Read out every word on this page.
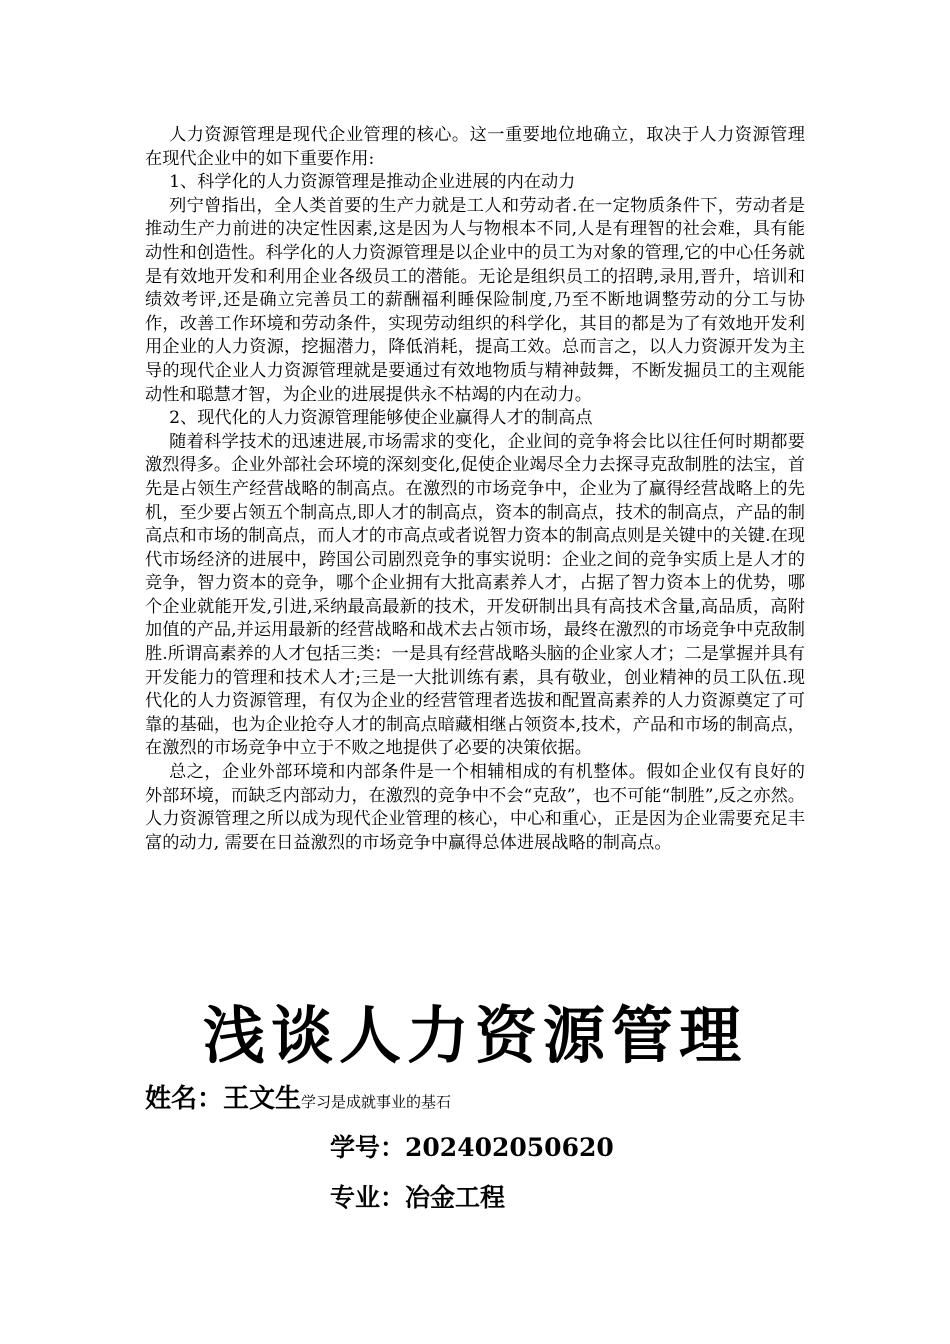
人力资源管理是现代企业管理的核心。这一重要地位地确立，取决于人力资源管理在现代企业中的如下重要作用:

1、科学化的人力资源管理是推动企业进展的内在动力

列宁曾指出，全人类首要的生产力就是工人和劳动者.在一定物质条件下，劳动者是推动生产力前进的决定性因素,这是因为人与物根本不同,人是有理智的社会难，具有能动性和创造性。科学化的人力资源管理是以企业中的员工为对象的管理,它的中心任务就是有效地开发和利用企业各级员工的潜能。无论是组织员工的招聘,录用,晋升，培训和绩效考评,还是确立完善员工的薪酬福利睡保险制度,乃至不断地调整劳动的分工与协作，改善工作环境和劳动条件，实现劳动组织的科学化，其目的都是为了有效地开发利用企业的人力资源，挖掘潜力，降低消耗，提高工效。总而言之，以人力资源开发为主导的现代企业人力资源管理就是要通过有效地物质与精神鼓舞，不断发掘员工的主观能动性和聪慧才智，为企业的进展提供永不枯竭的内在动力。

2、现代化的人力资源管理能够使企业赢得人才的制高点

随着科学技术的迅速进展,市场需求的变化，企业间的竞争将会比以往任何时期都要激烈得多。企业外部社会环境的深刻变化,促使企业竭尽全力去探寻克敌制胜的法宝，首先是占领生产经营战略的制高点。在激烈的市场竞争中，企业为了赢得经营战略上的先机，至少要占领五个制高点,即人才的制高点，资本的制高点，技术的制高点，产品的制高点和市场的制高点，而人才的市高点或者说智力资本的制高点则是关键中的关键.在现代市场经济的进展中，跨国公司剧烈竞争的事实说明：企业之间的竞争实质上是人才的竞争，智力资本的竞争，哪个企业拥有大批高素养人才，占据了智力资本上的优势，哪个企业就能开发,引进,采纳最高最新的技术，开发研制出具有高技术含量,高品质，高附加值的产品,并运用最新的经营战略和战术去占领市场，最终在激烈的市场竞争中克敌制胜.所谓高素养的人才包括三类：一是具有经营战略头脑的企业家人才；二是掌握并具有开发能力的管理和技术人才;三是一大批训练有素，具有敬业，创业精神的员工队伍.现代化的人力资源管理，有仅为企业的经营管理者选拔和配置高素养的人力资源奠定了可靠的基础，也为企业抢夺人才的制高点暗藏相继占领资本,技术，产品和市场的制高点，在激烈的市场竞争中立于不败之地提供了必要的决策依据。

总之，企业外部环境和内部条件是一个相辅相成的有机整体。假如企业仅有良好的外部环境，而缺乏内部动力，在激烈的竞争中不会“克敌”，也不可能“制胜”,反之亦然。人力资源管理之所以成为现代企业管理的核心，中心和重心，正是因为企业需要充足丰富的动力, 需要在日益激烈的市场竞争中赢得总体进展战略的制高点。

浅谈人力资源管理
姓名：王文生学习是成就事业的基石
学号：202402050620
专业：冶金工程
